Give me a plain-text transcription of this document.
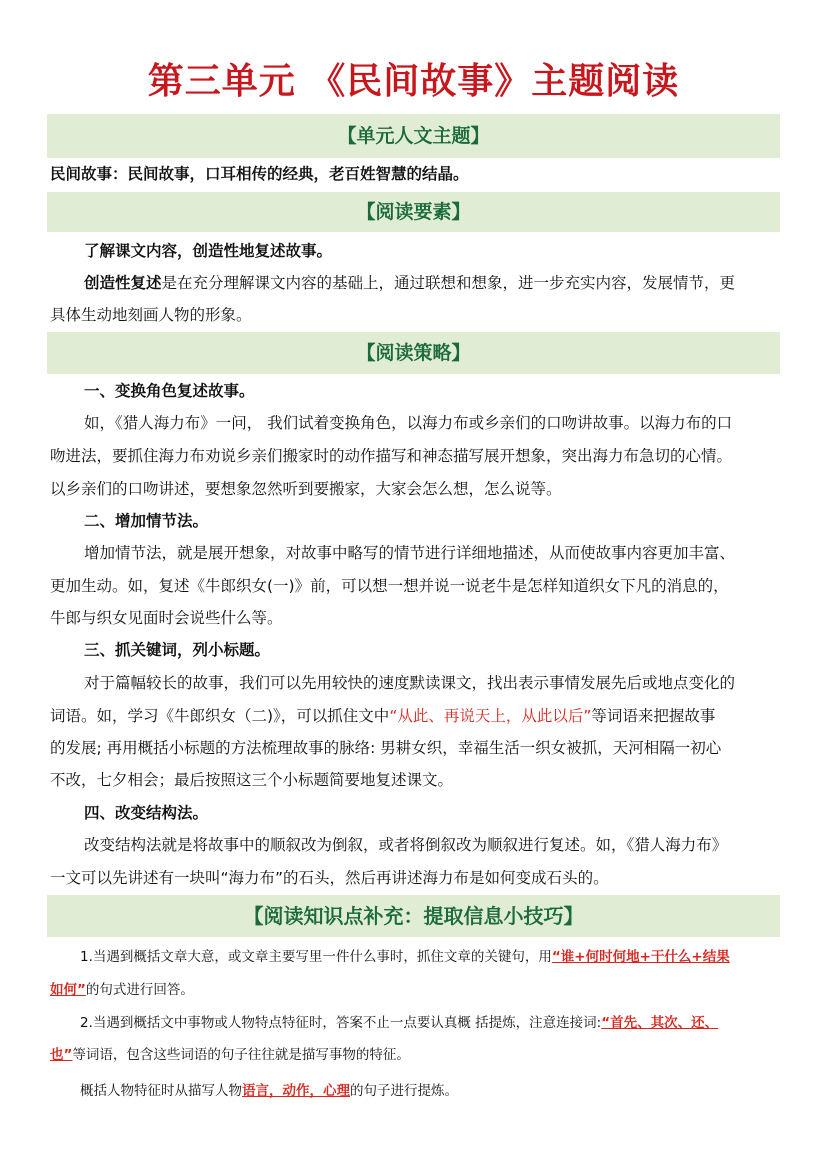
第三单元 《民间故事》主题阅读
【单元人文主题】
民间故事：民间故事，口耳相传的经典，老百姓智慧的结晶。
【阅读要素】
了解课文内容，创造性地复述故事。
创造性复述是在充分理解课文内容的基础上，通过联想和想象，进一步充实内容，发展情节，更
具体生动地刻画人物的形象。
【阅读策略】
一、变换角色复述故事。
如，《猎人海力布》一问， 我们试着变换角色，以海力布或乡亲们的口吻讲故事。以海力布的口
吻进法，要抓住海力布劝说乡亲们搬家时的动作描写和神态描写展开想象，突出海力布急切的心情。
以乡亲们的口吻讲述，要想象忽然听到要搬家，大家会怎么想，怎么说等。
二、增加情节法。
增加情节法，就是展开想象，对故事中略写的情节进行详细地描述，从而使故事内容更加丰富、
更加生动。如，复述《牛郎织女(一)》前，可以想一想并说一说老牛是怎样知道织女下凡的消息的，
牛郎与织女见面时会说些什么等。
三、抓关键词，列小标题。
对于篇幅较长的故事，我们可以先用较快的速度默读课文，找出表示事情发展先后或地点变化的
词语。如，学习《牛郎织女（二)》，可以抓住文中“从此、再说天上，从此以后”等词语来把握故事
的发展; 再用概括小标题的方法梳理故事的脉络: 男耕女织，幸福生活一织女被抓，天河相隔一初心
不改，七夕相会；最后按照这三个小标题简要地复述课文。
四、改变结构法。
改变结构法就是将故事中的顺叙改为倒叙，或者将倒叙改为顺叙进行复述。如，《猎人海力布》
一文可以先讲述有一块叫“海力布”的石头，然后再讲述海力布是如何变成石头的。
【阅读知识点补充：提取信息小技巧】
1.当遇到概括文章大意，或文章主要写里一件什么事时，抓住文章的关键句，用“谁+何时何地+干什么+结果
如何”的句式进行回答。
2.当遇到概括文中事物或人物特点特征时，答案不止一点要认真概 括提炼，注意连接词:“首先、其次、还、
也”等词语，包含这些词语的句子往往就是描写事物的特征。
概括人物特征时从描写人物语言，动作，心理的句子进行提炼。
